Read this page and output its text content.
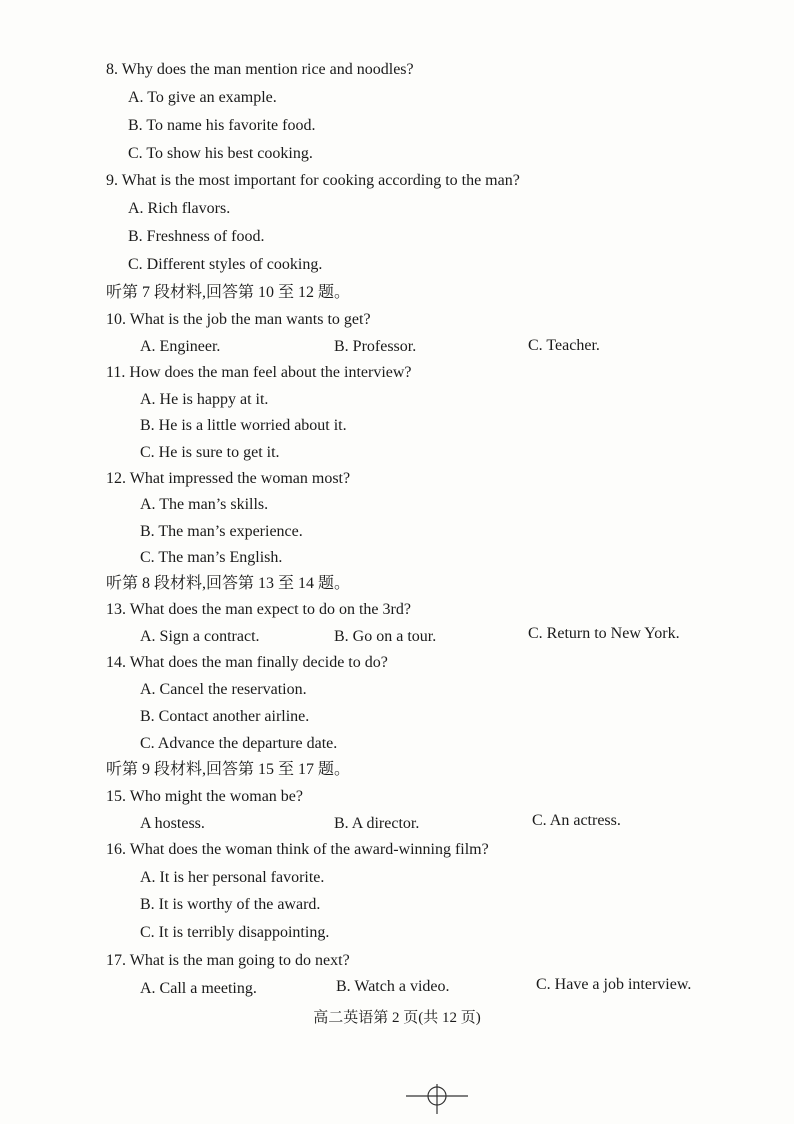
8. Why does the man mention rice and noodles?
A. To give an example.
B. To name his favorite food.
C. To show his best cooking.
9. What is the most important for cooking according to the man?
A. Rich flavors.
B. Freshness of food.
C. Different styles of cooking.
听第 7 段材料,回答第 10 至 12 题。
10. What is the job the man wants to get?
A. Engineer.	B. Professor.	C. Teacher.
11. How does the man feel about the interview?
A. He is happy at it.
B. He is a little worried about it.
C. He is sure to get it.
12. What impressed the woman most?
A. The man’s skills.
B. The man’s experience.
C. The man’s English.
听第 8 段材料,回答第 13 至 14 题。
13. What does the man expect to do on the 3rd?
A. Sign a contract.	B. Go on a tour.	C. Return to New York.
14. What does the man finally decide to do?
A. Cancel the reservation.
B. Contact another airline.
C. Advance the departure date.
听第 9 段材料,回答第 15 至 17 题。
15. Who might the woman be?
A hostess.	B. A director.	C. An actress.
16. What does the woman think of the award-winning film?
A. It is her personal favorite.
B. It is worthy of the award.
C. It is terribly disappointing.
17. What is the man going to do next?
A. Call a meeting.	B. Watch a video.	C. Have a job interview.
高二英语第 2 页(共 12 页)
